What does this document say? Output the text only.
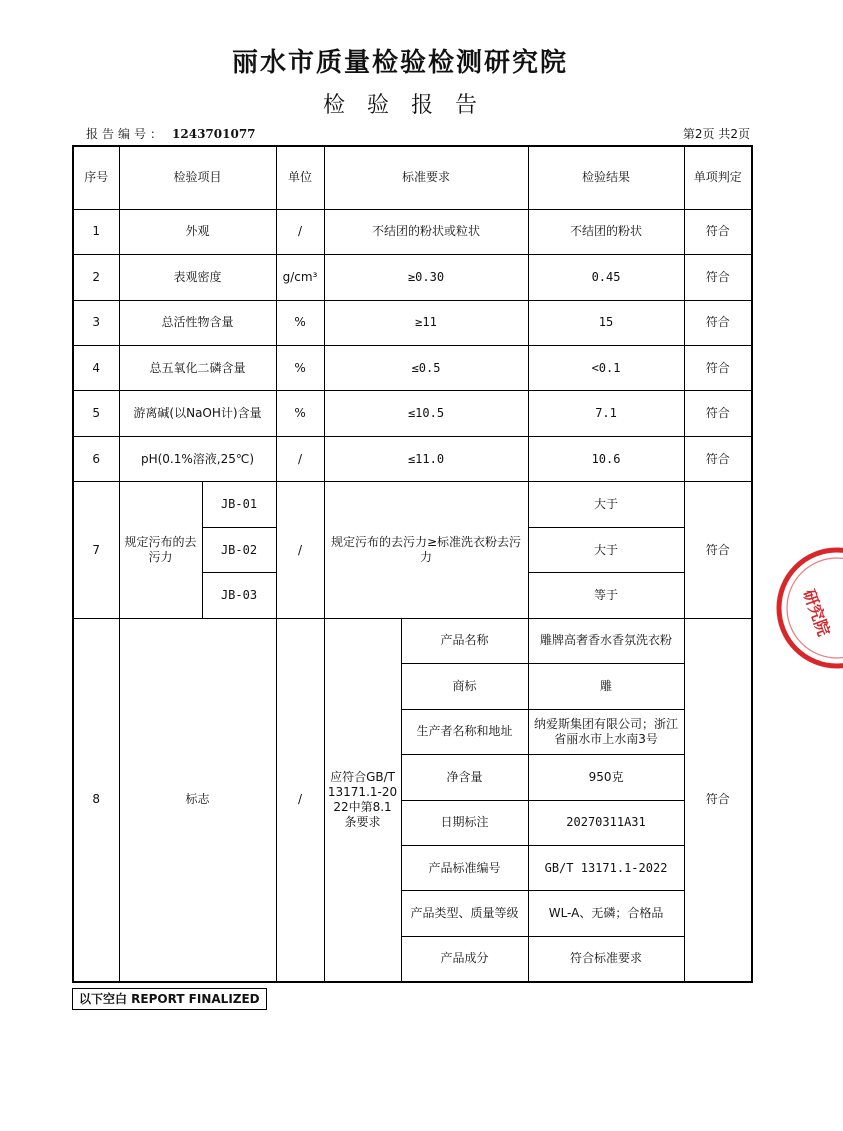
丽水市质量检验检测研究院
检验报告
报告编号： 1243701077	第2页 共2页
序号	检验项目		单位	标准要求		检验结果	单项判定
1	外观		/	不结团的粉状或粒状		不结团的粉状	符合
2	表观密度		g/cm³	≥0.30		0.45	符合
3	总活性物含量		%	≥11		15	符合
4	总五氧化二磷含量		%	≤0.5		<0.1	符合
5	游离碱(以NaOH计)含量		%	≤10.5		7.1	符合
6	pH(0.1%溶液,25℃)		/	≤11.0		10.6	符合
7	规定污布的去污力	JB-01	/	规定污布的去污力≥标准洗衣粉去污力		大于	符合
		JB-02				大于	
		JB-03				等于	
8	标志		/	应符合GB/T 13171.1-2022中第8.1条要求	产品名称	雕牌高奢香水香氛洗衣粉	符合
					商标	雕	
					生产者名称和地址	纳爱斯集团有限公司；浙江省丽水市上水南3号	
					净含量	950克	
					日期标注	20270311A31	
					产品标准编号	GB/T 13171.1-2022	
					产品类型、质量等级	WL-A、无磷；合格品	
					产品成分	符合标准要求	
以下空白 REPORT FINALIZED
研究院
